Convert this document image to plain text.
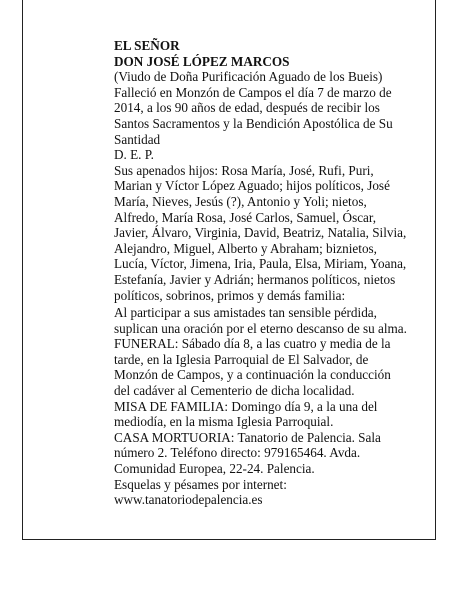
EL SEÑOR

DON JOSÉ LÓPEZ MARCOS

(Viudo de Doña Purificación Aguado de los Bueis)

Falleció en Monzón de Campos el día 7 de marzo de 2014, a los 90 años de edad, después de recibir los Santos Sacramentos y la Bendición Apostólica de Su Santidad

D. E. P.

Sus apenados hijos: Rosa María, José, Rufi, Puri, Marian y Víctor López Aguado; hijos políticos, José María, Nieves, Jesús (?), Antonio y Yoli; nietos, Alfredo, María Rosa, José Carlos, Samuel, Óscar, Javier, Álvaro, Virginia, David, Beatriz, Natalia, Silvia, Alejandro, Miguel, Alberto y Abraham; biznietos, Lucía, Víctor, Jimena, Iria, Paula, Elsa, Miriam, Yoana, Estefanía, Javier y Adrián; hermanos políticos, nietos políticos, sobrinos, primos y demás familia:

Al participar a sus amistades tan sensible pérdida, suplican una oración por el eterno descanso de su alma.

FUNERAL: Sábado día 8, a las cuatro y media de la tarde, en la Iglesia Parroquial de El Salvador, de Monzón de Campos, y a continuación la conducción del cadáver al Cementerio de dicha localidad.

MISA DE FAMILIA: Domingo día 9, a la una del mediodía, en la misma Iglesia Parroquial.

CASA MORTUORIA: Tanatorio de Palencia. Sala número 2. Teléfono directo: 979165464. Avda. Comunidad Europea, 22-24. Palencia.

Esquelas y pésames por internet:

www.tanatoriodepalencia.es
